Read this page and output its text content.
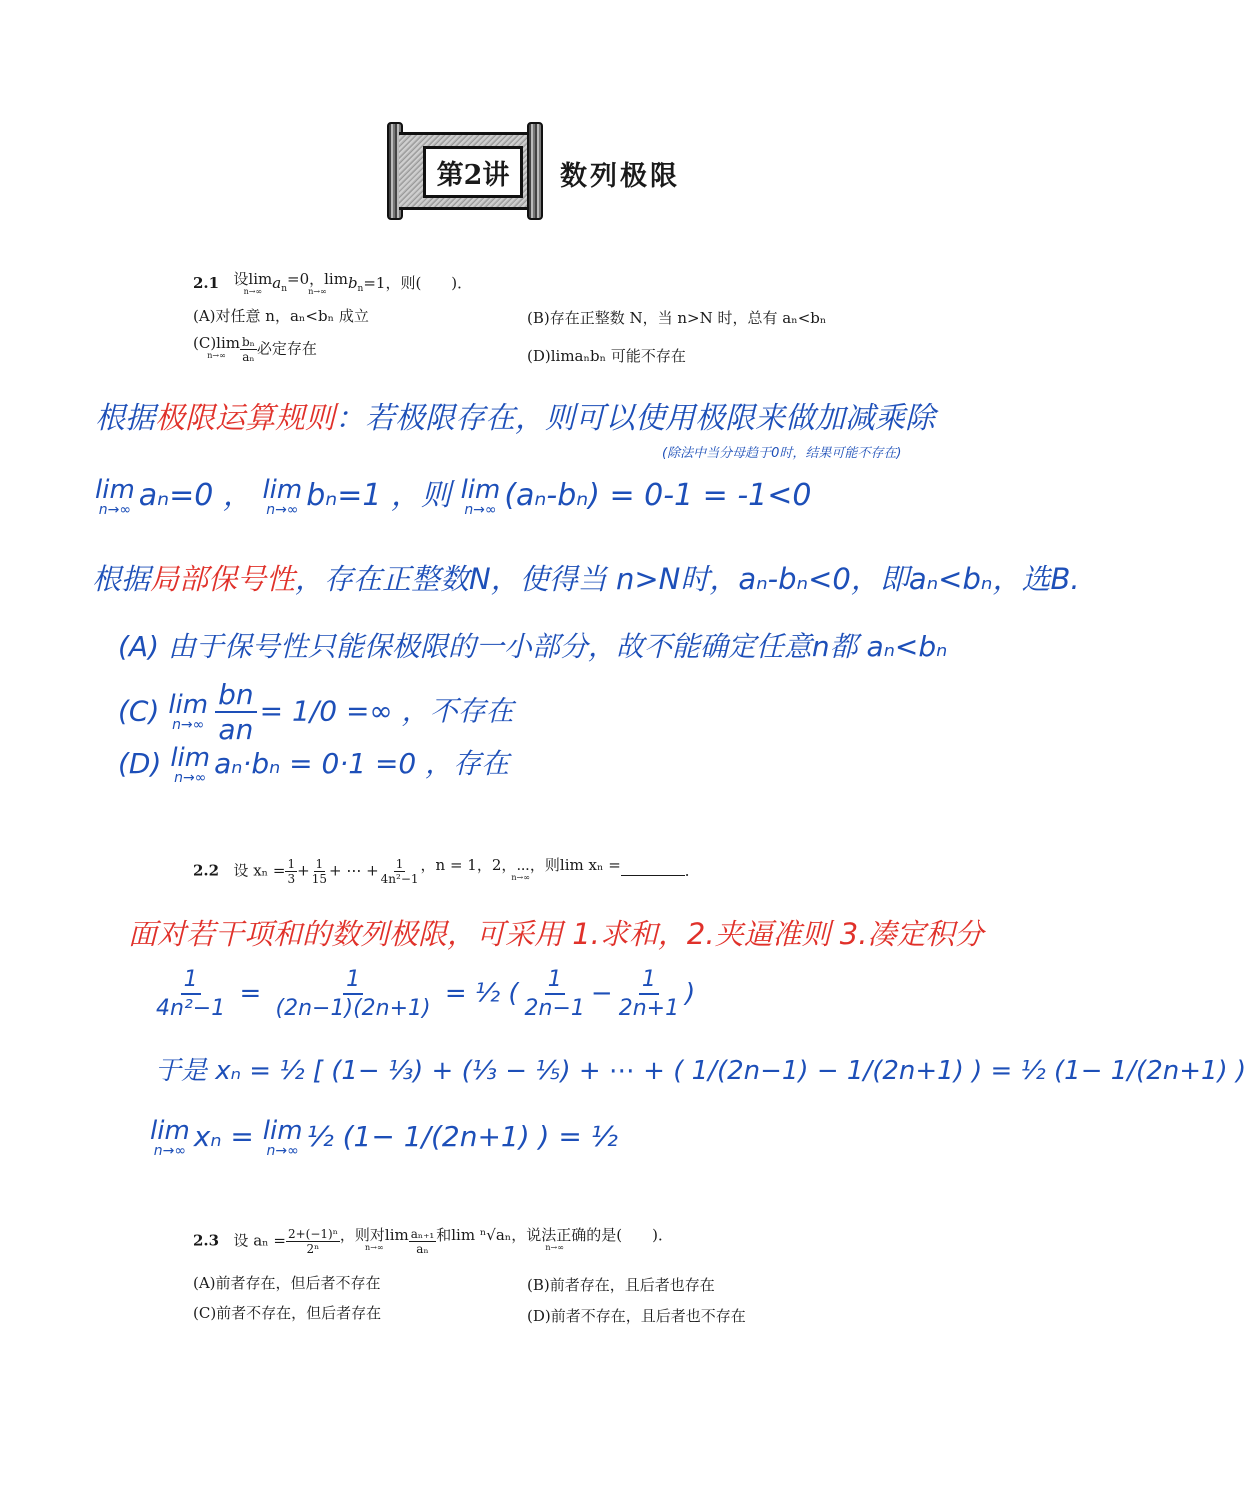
第2讲	数列极限
2.1 设lim
n→∞ $a_n$
=0，lim
n→∞ $b_n=1$，则(　　)．
(A)对任意 n，aₙ<bₙ 成立	(B)存在正整数 N，当 n>N 时，总有 aₙ<bₙ
(C)lim
$n\to\infty \frac{\text{bₙ}}{\text{aₙ}}$ 必定存在	(D)limaₙbₙ 可能不存在
根据极限运算规则：若极限存在，则可以使用极限来做加减乘除
(除法中当分母趋于0时，结果可能不存在)
lim
n→∞ aₙ=0 ， lim
n→∞ bₙ=1 ，则 lim
n→∞ (aₙ-bₙ) = 0-1 = -1<0
根据局部保号性，存在正整数N，使得当 n>N时，aₙ-bₙ<0，即aₙ<bₙ，选B.
(A) 由于保号性只能保极限的一小部分，故不能确定任意n都 aₙ<bₙ
(C) lim
$n\to\infty \frac{bn}{an} = 1/0$ =∞ ，不存在
(D) lim
n→∞ aₙ·bₙ = 0·1 =0 ，存在
2.2 设 $x_n = \frac{1}{3} + \frac{1}{15}$ + ⋯ + $\frac{1}{\text{4n²−1}}$ ，n = 1，2，⋯，则lim xₙ =
n→∞	．
面对若干项和的数列极限，可采用 1.求和，2.夹逼准则 3.凑定积分
$\frac{1}{\text{4n²−1}} = \frac{1}{(2n-1)(2n+1)}$ = ½ ( $\frac{1}{2n-1} - \frac{1}{2n+1}$ )
于是 xₙ = ½ [ (1− ⅓) + (⅓ − ⅕) + ⋯ + ( 1/(2n−1) − 1/(2n+1) ) = ½ (1− 1/(2n+1) )
lim
n→∞ xₙ = lim
n→∞ ½ (1− 1/(2n+1) ) = ½
2.3 设 $a_n = \frac{\text{2+(−1)ⁿ}}{\text{2ⁿ}}$ ，则对lim
$n\to\infty \frac{\text{aₙ₊₁}}{\text{aₙ}}$ 和lim ⁿ√aₙ，说法正确的是(　　)．
n→∞
(A)前者存在，但后者不存在	(B)前者存在，且后者也存在
(C)前者不存在，但后者存在	(D)前者不存在，且后者也不存在
